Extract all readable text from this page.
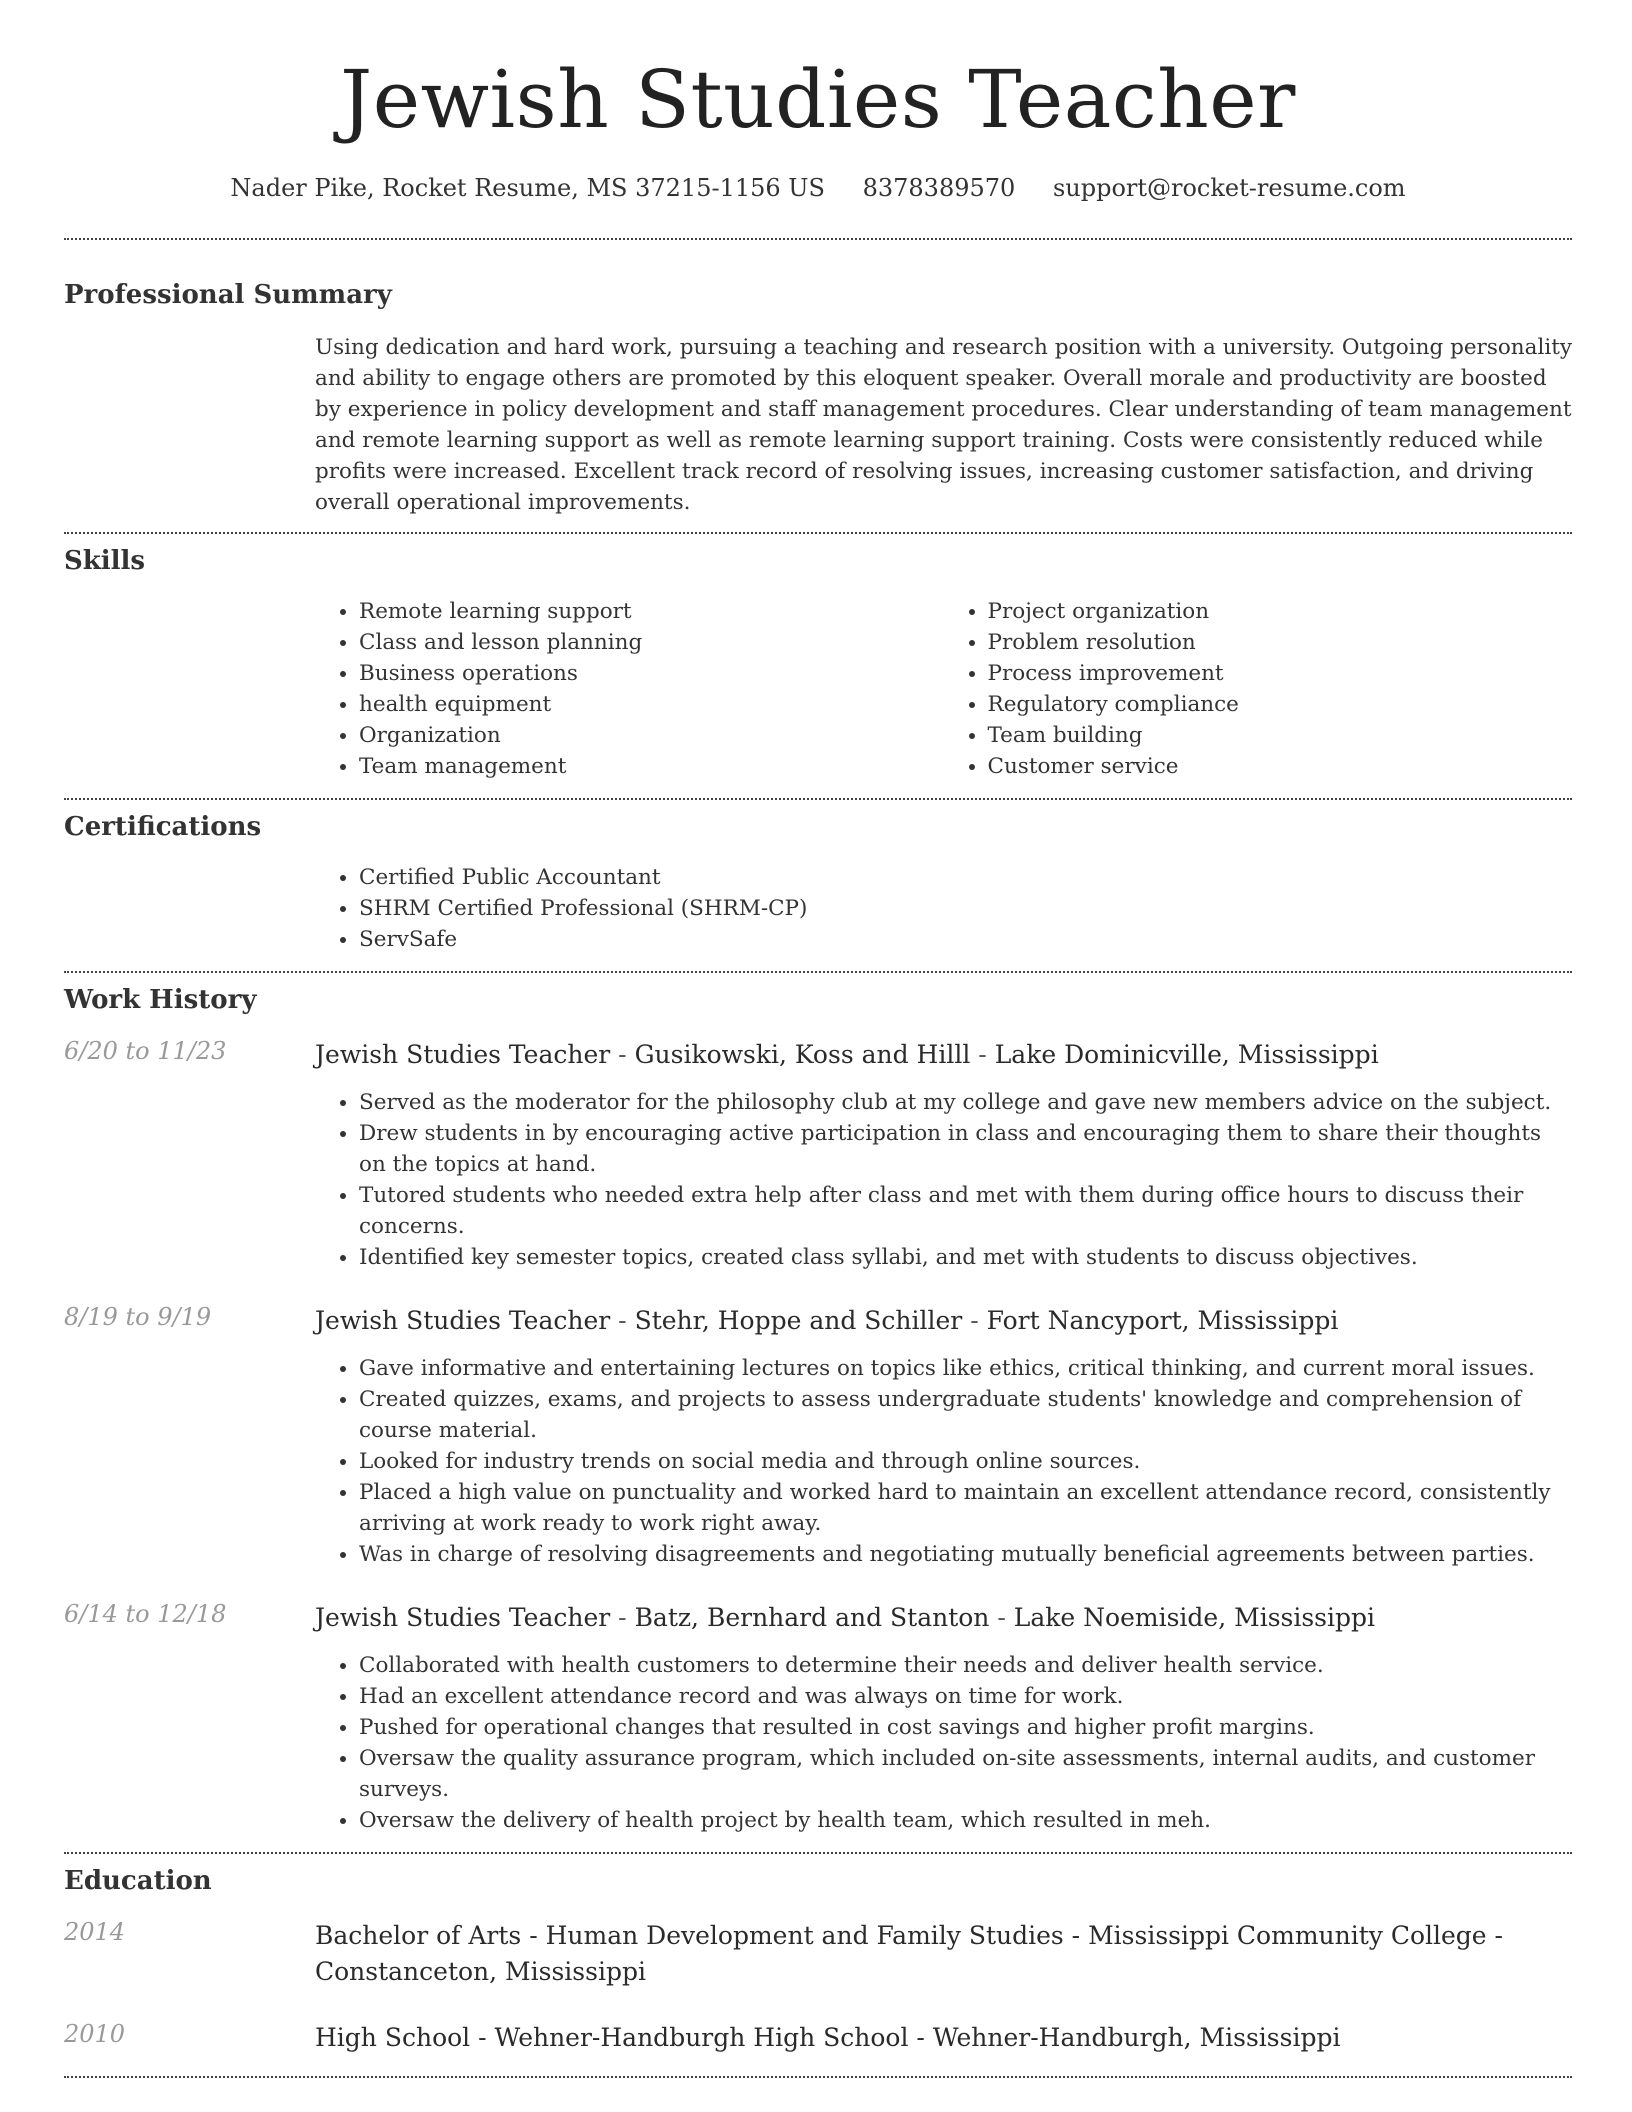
Jewish Studies Teacher
Nader Pike, Rocket Resume, MS 37215-1156 US 8378389570 support@rocket-resume.com
Professional Summary
Using dedication and hard work, pursuing a teaching and research position with a university. Outgoing personality and ability to engage others are promoted by this eloquent speaker. Overall morale and productivity are boosted by experience in policy development and staff management procedures. Clear understanding of team management and remote learning support as well as remote learning support training. Costs were consistently reduced while profits were increased. Excellent track record of resolving issues, increasing customer satisfaction, and driving overall operational improvements.
Skills
• Remote learning support
• Class and lesson planning
• Business operations
• health equipment
• Organization
• Team management
• Project organization
• Problem resolution
• Process improvement
• Regulatory compliance
• Team building
• Customer service
Certifications
• Certified Public Accountant
• SHRM Certified Professional (SHRM-CP)
• ServSafe
Work History
6/20 to 11/23	Jewish Studies Teacher - Gusikowski, Koss and Hilll - Lake Dominicville, Mississippi
• Served as the moderator for the philosophy club at my college and gave new members advice on the subject.
• Drew students in by encouraging active participation in class and encouraging them to share their thoughts on the topics at hand.
• Tutored students who needed extra help after class and met with them during office hours to discuss their concerns.
• Identified key semester topics, created class syllabi, and met with students to discuss objectives.
8/19 to 9/19	Jewish Studies Teacher - Stehr, Hoppe and Schiller - Fort Nancyport, Mississippi
• Gave informative and entertaining lectures on topics like ethics, critical thinking, and current moral issues.
• Created quizzes, exams, and projects to assess undergraduate students' knowledge and comprehension of course material.
• Looked for industry trends on social media and through online sources.
• Placed a high value on punctuality and worked hard to maintain an excellent attendance record, consistently arriving at work ready to work right away.
• Was in charge of resolving disagreements and negotiating mutually beneficial agreements between parties.
6/14 to 12/18	Jewish Studies Teacher - Batz, Bernhard and Stanton - Lake Noemiside, Mississippi
• Collaborated with health customers to determine their needs and deliver health service.
• Had an excellent attendance record and was always on time for work.
• Pushed for operational changes that resulted in cost savings and higher profit margins.
• Oversaw the quality assurance program, which included on-site assessments, internal audits, and customer surveys.
• Oversaw the delivery of health project by health team, which resulted in meh.
Education
2014	Bachelor of Arts - Human Development and Family Studies - Mississippi Community College - Constanceton, Mississippi
2010	High School - Wehner-Handburgh High School - Wehner-Handburgh, Mississippi
